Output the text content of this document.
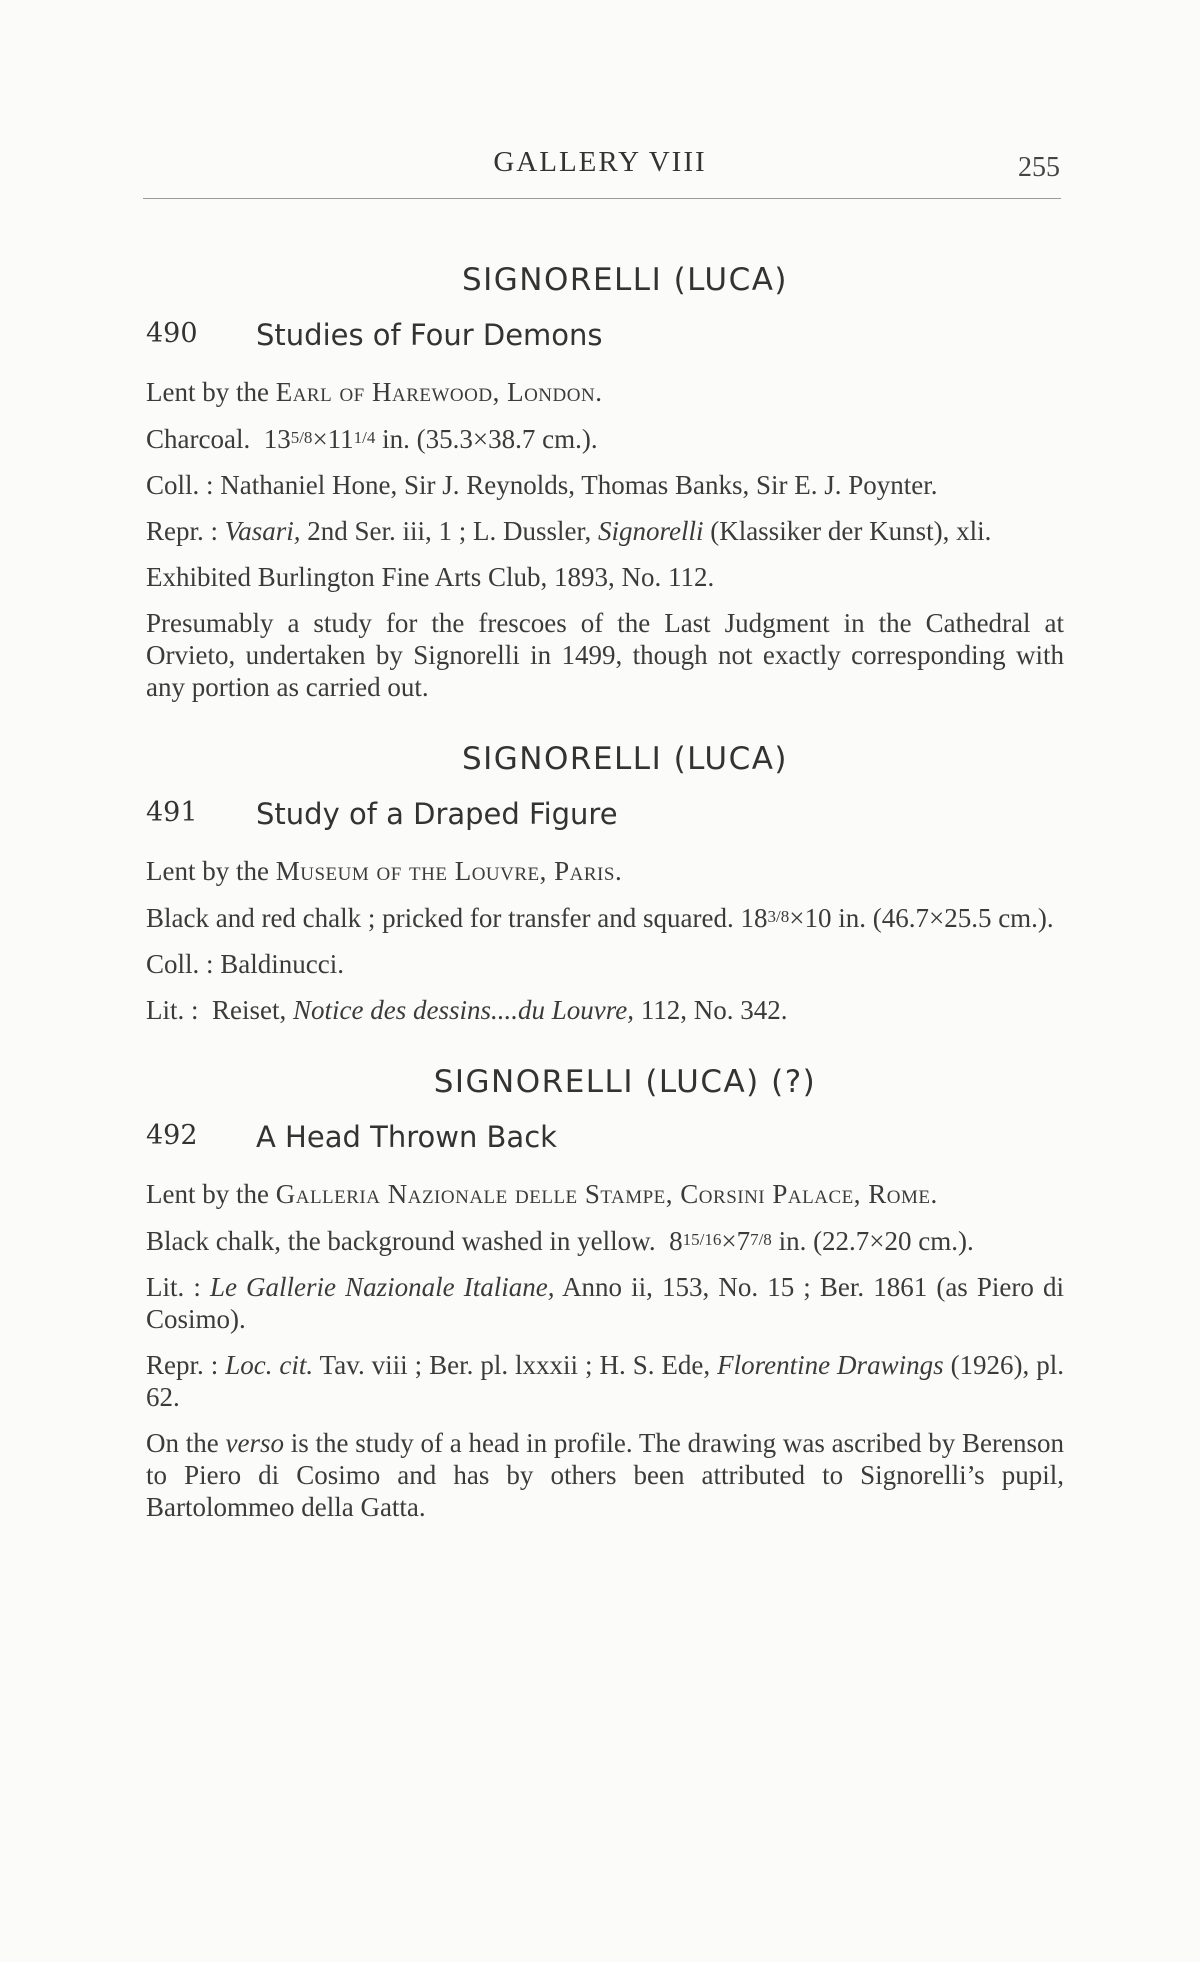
GALLERY VIII	255
SIGNORELLI (LUCA)
490	Studies of Four Demons

Lent by the Earl of Harewood, London.

Charcoal. 135/8×111/4 in. (35.3×38.7 cm.).

Coll. : Nathaniel Hone, Sir J. Reynolds, Thomas Banks, Sir E. J. Poynter.

Repr. : Vasari, 2nd Ser. iii, 1 ; L. Dussler, Signorelli (Klassiker der Kunst), xli.

Exhibited Burlington Fine Arts Club, 1893, No. 112.

Presumably a study for the frescoes of the Last Judgment in the Cathedral at Orvieto, undertaken by Signorelli in 1499, though not exactly corresponding with any portion as carried out.

SIGNORELLI (LUCA)
491	Study of a Draped Figure

Lent by the Museum of the Louvre, Paris.

Black and red chalk ; pricked for transfer and squared. 183/8×10 in. (46.7×25.5 cm.).

Coll. : Baldinucci.

Lit. : Reiset, Notice des dessins....du Louvre, 112, No. 342.

SIGNORELLI (LUCA) (?)
492	A Head Thrown Back

Lent by the Galleria Nazionale delle Stampe, Corsini Palace, Rome.

Black chalk, the background washed in yellow. 815/16×77/8 in. (22.7×20 cm.).

Lit. : Le Gallerie Nazionale Italiane, Anno ii, 153, No. 15 ; Ber. 1861 (as Piero di Cosimo).

Repr. : Loc. cit. Tav. viii ; Ber. pl. lxxxii ; H. S. Ede, Florentine Drawings (1926), pl. 62.

On the verso is the study of a head in profile. The drawing was ascribed by Berenson to Piero di Cosimo and has by others been attributed to Signorelli’s pupil, Bartolommeo della Gatta.
